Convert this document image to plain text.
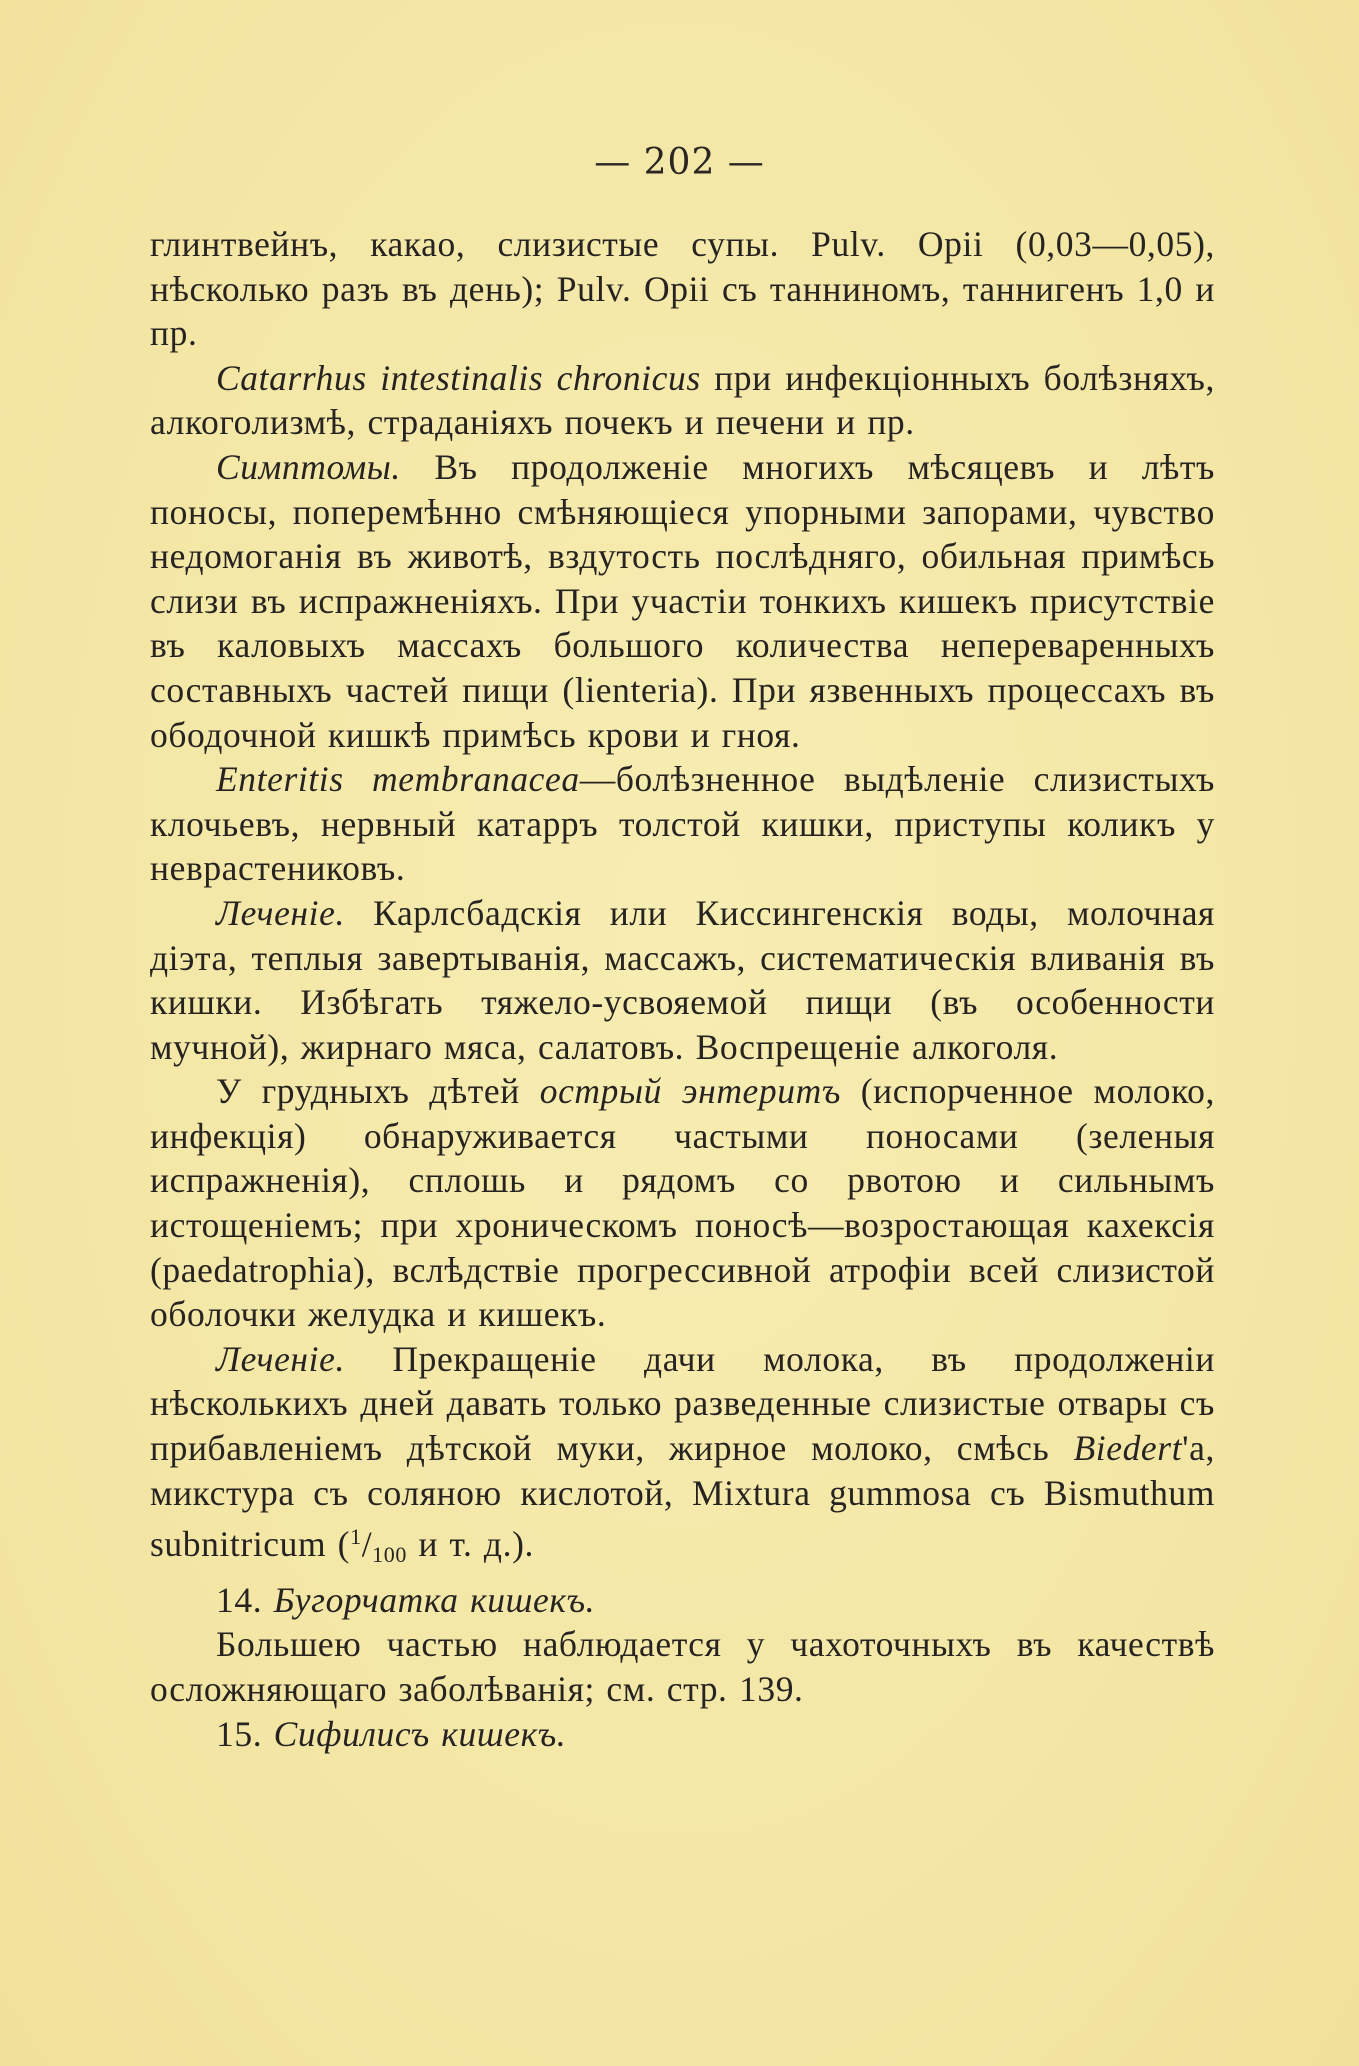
— 202 —

глинтвейнъ, какао, слизистые супы. Pulv. Opii (0,03—0,05), нѣсколько разъ въ день); Pulv. Opii съ танниномъ, таннигенъ 1,0 и пр.

Catarrhus intestinalis chronicus при инфекціонныхъ болѣзняхъ, алкоголизмѣ, страданіяхъ почекъ и печени и пр.

Симптомы. Въ продолженіе многихъ мѣсяцевъ и лѣтъ поносы, поперемѣнно смѣняющіеся упорными запорами, чувство недомоганія въ животѣ, вздутость послѣдняго, обильная примѣсь слизи въ испражненіяхъ. При участіи тонкихъ кишекъ присутствіе въ каловыхъ массахъ большого количества непереваренныхъ составныхъ частей пищи (lienteria). При язвенныхъ процессахъ въ ободочной кишкѣ примѣсь крови и гноя.

Enteritis membranacea—болѣзненное выдѣленіе слизистыхъ клочьевъ, нервный катарръ толстой кишки, приступы коликъ у неврастениковъ.

Леченіе. Карлсбадскія или Киссингенскія воды, молочная діэта, теплыя завертыванія, массажъ, систематическія вливанія въ кишки. Избѣгать тяжело-усвояемой пищи (въ особенности мучной), жирнаго мяса, салатовъ. Воспрещеніе алкоголя.

У грудныхъ дѣтей острый энтеритъ (испорченное молоко, инфекція) обнаруживается частыми поносами (зеленыя испражненія), сплошь и рядомъ со рвотою и сильнымъ истощеніемъ; при хроническомъ поносѣ—возростающая кахексія (paedatrophia), вслѣдствіе прогрессивной атрофіи всей слизистой оболочки желудка и кишекъ.

Леченіе. Прекращеніе дачи молока, въ продолженіи нѣсколькихъ дней давать только разведенные слизистые отвары съ прибавленіемъ дѣтской муки, жирное молоко, смѣсь Biedert'а, микстура съ соляною кислотой, Mixtura gummosa съ Bismuthum subnitricum ($^1/_{100}$ и т. д.).

14. Бугорчатка кишекъ.

Большею частью наблюдается у чахоточныхъ въ качествѣ осложняющаго заболѣванія; см. стр. 139.

15. Сифилисъ кишекъ.
